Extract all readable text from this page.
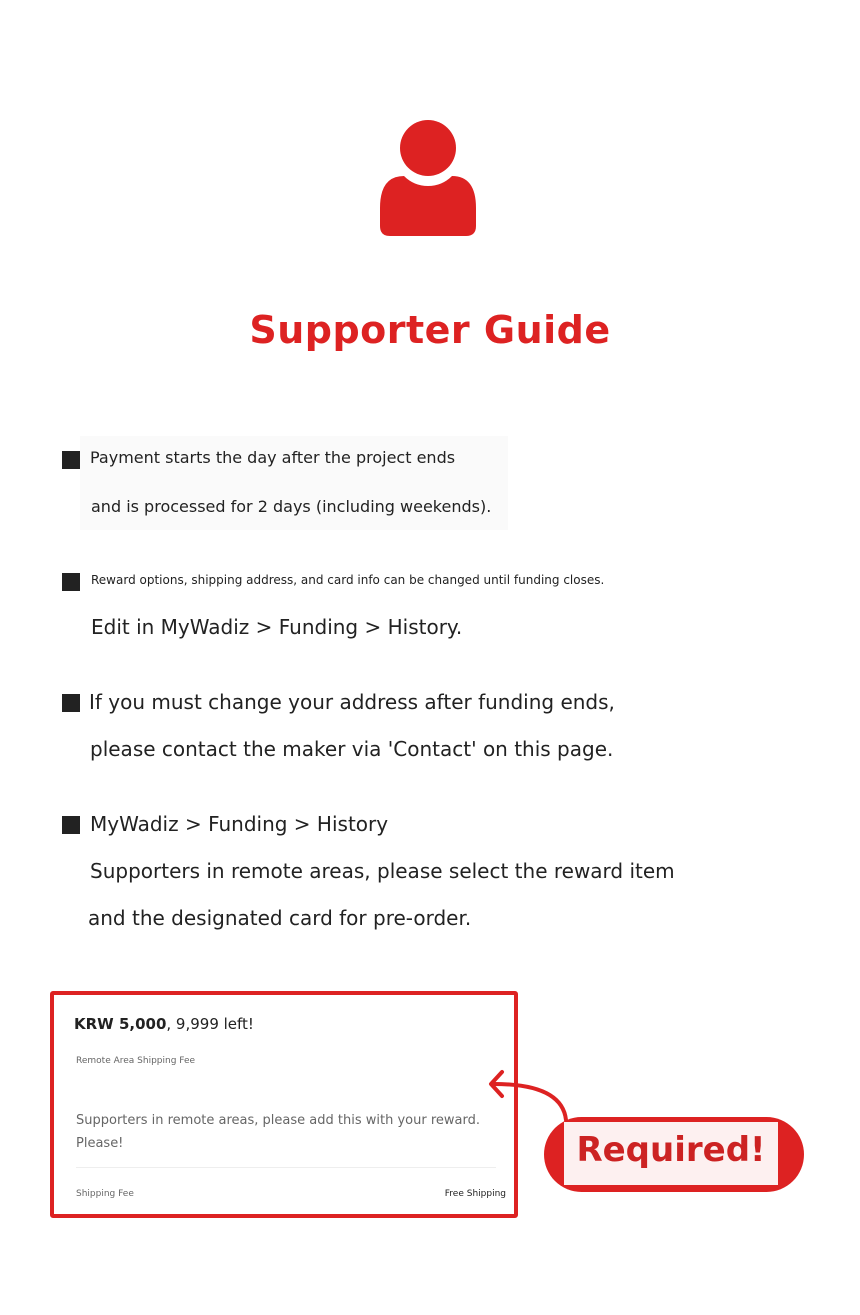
Supporter Guide
Payment starts the day after the project ends
and is processed for 2 days (including weekends).
Reward options, shipping address, and card info can be changed until funding closes.
Edit in MyWadiz > Funding > History.
If you must change your address after funding ends,
please contact the maker via 'Contact' on this page.
MyWadiz > Funding > History
Supporters in remote areas, please select the reward item
and the designated card for pre-order.
KRW 5,000, 9,999 left!
Remote Area Shipping Fee
Supporters in remote areas, please add this with your reward.
Please!
Shipping Fee	Free Shipping
Required!
